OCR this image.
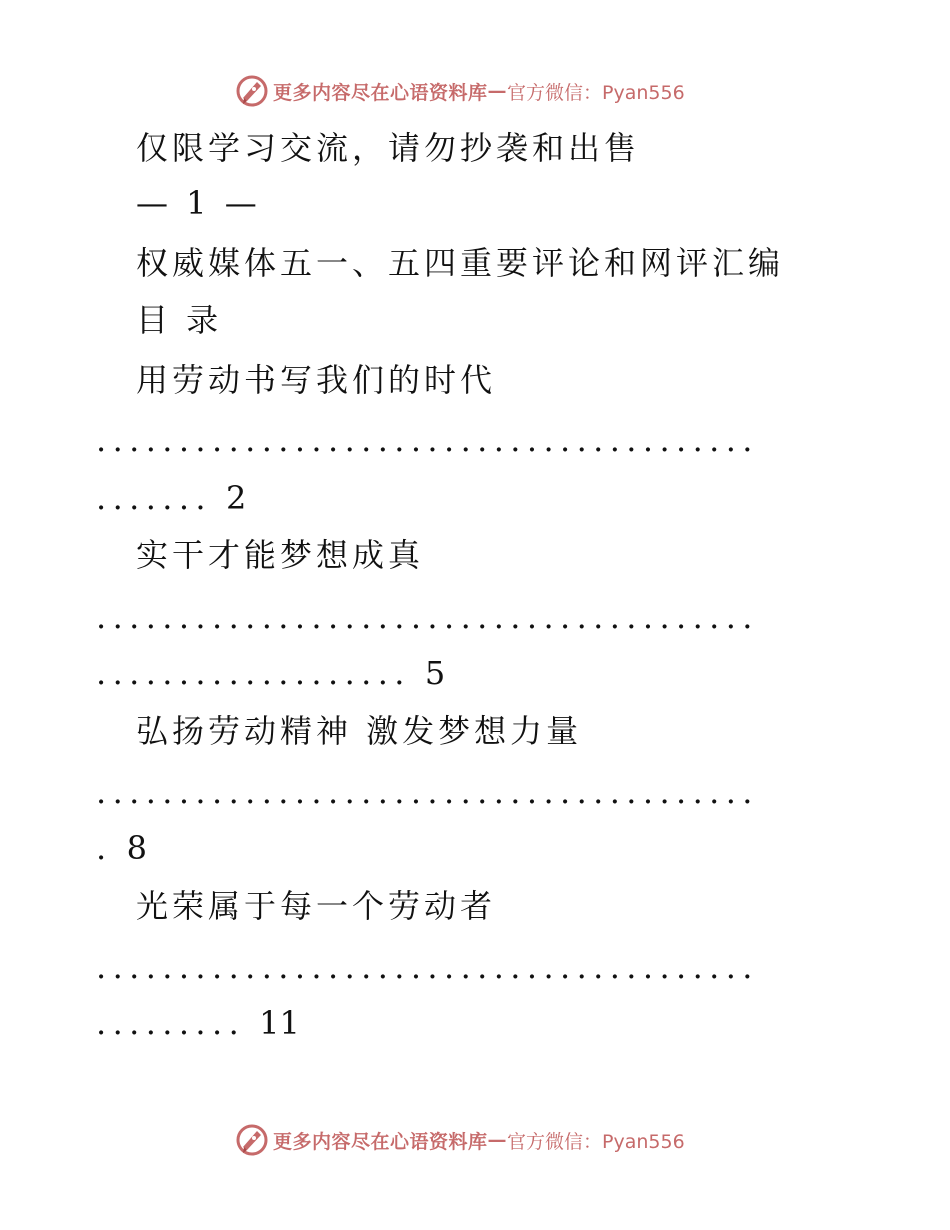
更多内容尽在心语资料库 — 官方微信：Pyan556
仅限学习交流，请勿抄袭和出售
— 1 —
权威媒体五一、五四重要评论和网评汇编
目 录
用劳动书写我们的时代
........................................
....... 2
实干才能梦想成真
........................................
................... 5
弘扬劳动精神 激发梦想力量
........................................
. 8
光荣属于每一个劳动者
........................................
......... 11
更多内容尽在心语资料库 — 官方微信：Pyan556
